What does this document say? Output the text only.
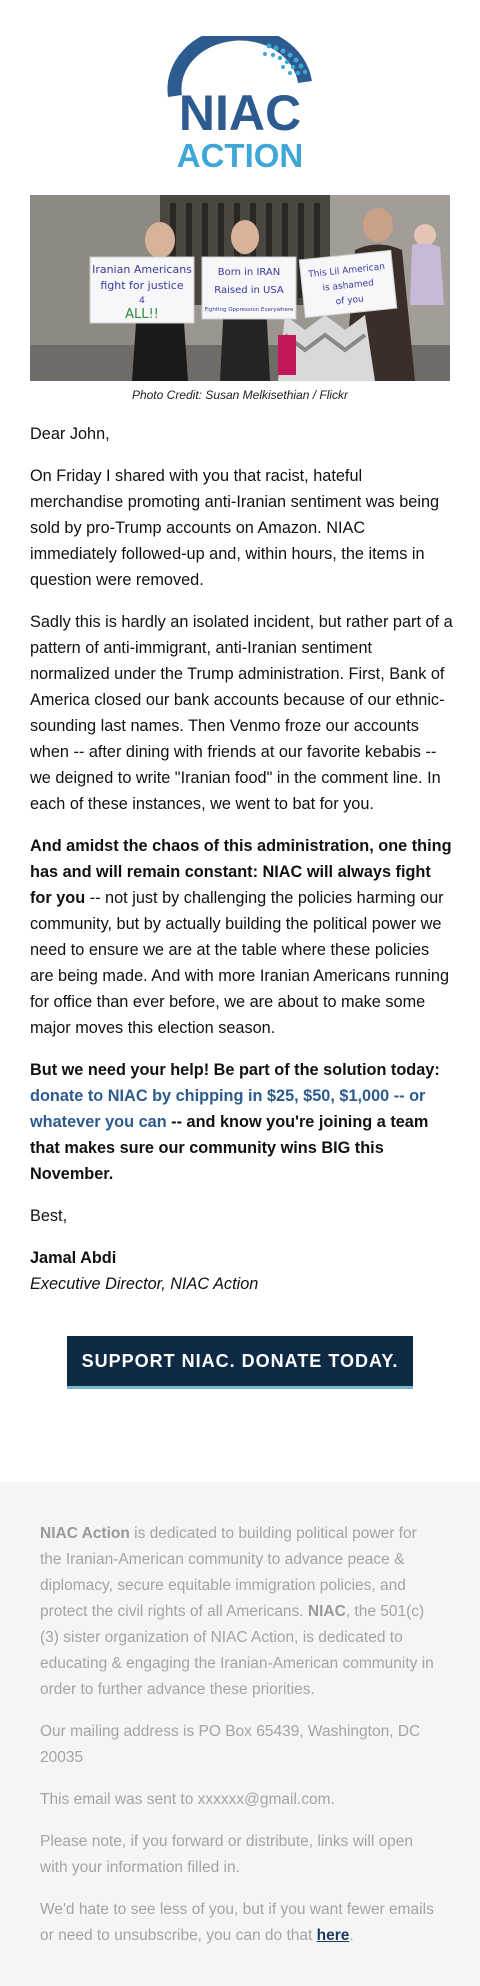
NIAC
ACTION
Iranian Americans
fight for justice
4
ALL!!
Born in IRAN
Raised in USA
Fighting Oppression Everywhere
This Lil American
is ashamed
of you
Photo Credit: Susan Melkisethian / Flickr

Dear John,

On Friday I shared with you that racist, hateful merchandise promoting anti-Iranian sentiment was being sold by pro-Trump accounts on Amazon. NIAC immediately followed-up and, within hours, the items in question were removed.

Sadly this is hardly an isolated incident, but rather part of a pattern of anti-immigrant, anti-Iranian sentiment normalized under the Trump administration. First, Bank of America closed our bank accounts because of our ethnic-sounding last names. Then Venmo froze our accounts when -- after dining with friends at our favorite kebabis -- we deigned to write "Iranian food" in the comment line. In each of these instances, we went to bat for you.

And amidst the chaos of this administration, one thing has and will remain constant: NIAC will always fight for you -- not just by challenging the policies harming our community, but by actually building the political power we need to ensure we are at the table where these policies are being made. And with more Iranian Americans running for office than ever before, we are about to make some major moves this election season.

But we need your help! Be part of the solution today: donate to NIAC by chipping in $25, $50, $1,000 -- or whatever you can -- and know you're joining a team that makes sure our community wins BIG this November.

Best,

Jamal Abdi
Executive Director, NIAC Action

SUPPORT NIAC. DONATE TODAY.

NIAC Action is dedicated to building political power for the Iranian-American community to advance peace & diplomacy, secure equitable immigration policies, and protect the civil rights of all Americans. NIAC, the 501(c)(3) sister organization of NIAC Action, is dedicated to educating & engaging the Iranian-American community in order to further advance these priorities.

Our mailing address is PO Box 65439, Washington, DC 20035

This email was sent to xxxxxx@gmail.com.

Please note, if you forward or distribute, links will open with your information filled in.

We'd hate to see less of you, but if you want fewer emails or need to unsubscribe, you can do that here.
